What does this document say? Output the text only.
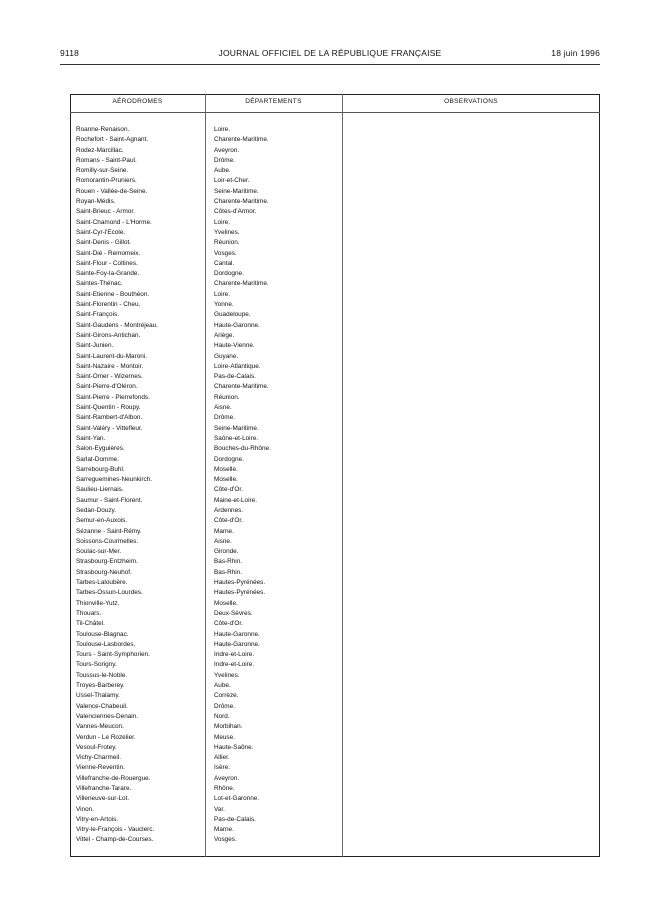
9118	JOURNAL OFFICIEL DE LA RÉPUBLIQUE FRANÇAISE	18 juin 1996
AÉRODROMES	DÉPARTEMENTS	OBSERVATIONS
Roanne-Renaison.	Loire.
Rochefort - Saint-Agnant.	Charente-Maritime.
Rodez-Marcillac.	Aveyron.
Romans - Saint-Paul.	Drôme.
Romilly-sur-Seine.	Aube.
Romorantin-Pruniers.	Loir-et-Cher.
Rouen - Vallée-de-Seine.	Seine-Maritime.
Royan-Médis.	Charente-Maritime.
Saint-Brieuc - Armor.	Côtes-d'Armor.
Saint-Chamond - L'Horme.	Loire.
Saint-Cyr-l'Ecole.	Yvelines.
Saint-Denis - Gillot.	Réunion.
Saint-Dié - Remomeix.	Vosges.
Saint-Flour - Coltines.	Cantal.
Sainte-Foy-la-Grande.	Dordogne.
Saintes-Thénac.	Charente-Maritime.
Saint-Etienne - Bouthéon.	Loire.
Saint-Florentin - Cheu.	Yonne.
Saint-François.	Guadeloupe.
Saint-Gaudens - Montréjeau.	Haute-Garonne.
Saint-Girons-Antichan.	Ariège.
Saint-Junien.	Haute-Vienne.
Saint-Laurent-du-Maroni.	Guyane.
Saint-Nazaire - Montoir.	Loire-Atlantique.
Saint-Omer - Wizernes.	Pas-de-Calais.
Saint-Pierre-d'Oléron.	Charente-Maritime.
Saint-Pierre - Pierrefonds.	Réunion.
Saint-Quentin - Roupy.	Aisne.
Saint-Rambert-d'Albon.	Drôme.
Saint-Valéry - Vittefleur.	Seine-Maritime.
Saint-Yan.	Saône-et-Loire.
Salon-Eyguières.	Bouches-du-Rhône.
Sarlat-Domme.	Dordogne.
Sarrebourg-Buhl.	Moselle.
Sarreguemines-Neunkirch.	Moselle.
Saulieu-Liernais.	Côte-d'Or.
Saumur - Saint-Florent.	Maine-et-Loire.
Sedan-Douzy.	Ardennes.
Semur-en-Auxois.	Côte-d'Or.
Sézanne - Saint-Rémy.	Marne.
Soissons-Courmelles.	Aisne.
Soulac-sur-Mer.	Gironde.
Strasbourg-Entzheim.	Bas-Rhin.
Strasbourg-Neuhof.	Bas-Rhin.
Tarbes-Laloubère.	Hautes-Pyrénées.
Tarbes-Ossun-Lourdes.	Hautes-Pyrénées.
Thionville-Yutz.	Moselle.
Thouars.	Deux-Sèvres.
Til-Châtel.	Côte-d'Or.
Toulouse-Blagnac.	Haute-Garonne.
Toulouse-Lasbordes.	Haute-Garonne.
Tours - Saint-Symphorien.	Indre-et-Loire.
Tours-Sorigny.	Indre-et-Loire.
Toussus-le-Noble.	Yvelines.
Troyes-Barberey.	Aube.
Ussel-Thalamy.	Corrèze.
Valence-Chabeuil.	Drôme.
Valenciennes-Denain.	Nord.
Vannes-Meucon.	Morbihan.
Verdun - Le Rozelier.	Meuse.
Vesoul-Frotey.	Haute-Saône.
Vichy-Charmeil.	Allier.
Vienne-Reventin.	Isère.
Villefranche-de-Rouergue.	Aveyron.
Villefranche-Tarare.	Rhône.
Villeneuve-sur-Lot.	Lot-et-Garonne.
Vinon.	Var.
Vitry-en-Artois.	Pas-de-Calais.
Vitry-le-François - Vauclerc.	Marne.
Vittel - Champ-de-Courses.	Vosges.
